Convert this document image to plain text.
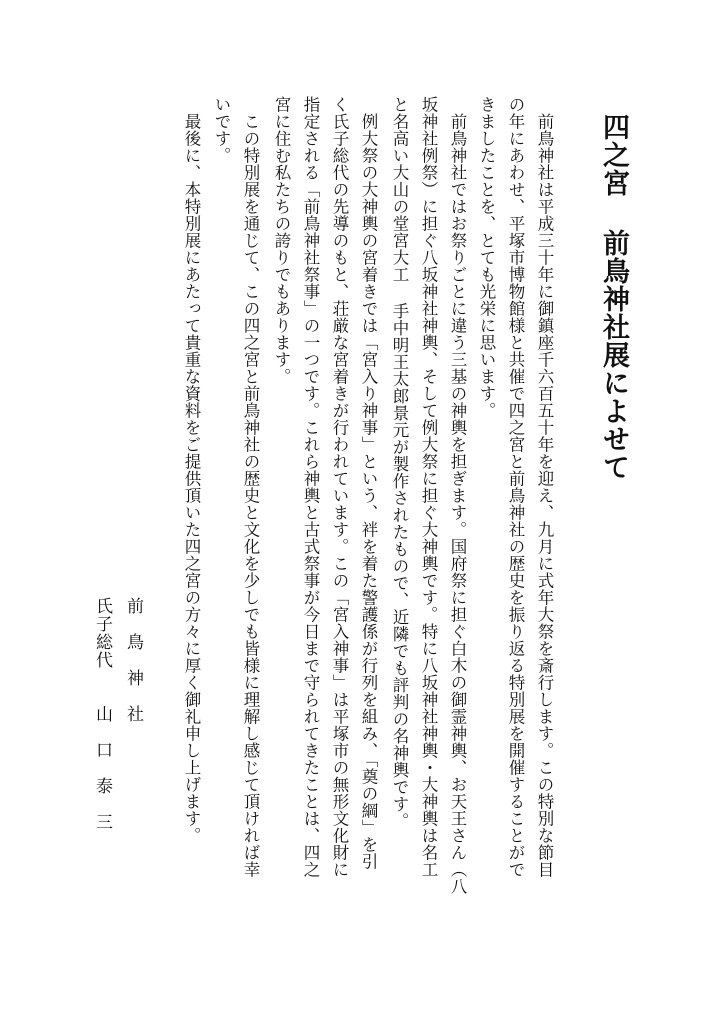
四之宮 前鳥神社展によせて
　前鳥神社は平成三十年に御鎮座千六百五十年を迎え、九月に式年大祭を斎行します。この特別な節目
の年にあわせ、平塚市博物館様と共催で四之宮と前鳥神社の歴史を振り返る特別展を開催することがで
きましたことを、とても光栄に思います。
　前鳥神社ではお祭りごとに違う三基の神輿を担ぎます。国府祭に担ぐ白木の御霊神輿、お天王さん（八
坂神社例祭）に担ぐ八坂神社神輿、そして例大祭に担ぐ大神輿です。特に八坂神社神輿・大神輿は名工
と名高い大山の堂宮大工 手中明王太郎景元が製作されたもので、近隣でも評判の名神輿です。
　例大祭の大神輿の宮着きでは「宮入り神事」という、袢を着た警護係が行列を組み、「奠の綱」を引
く氏子総代の先導のもと、荘厳な宮着きが行われています。この「宮入神事」は平塚市の無形文化財に
指定される「前鳥神社祭事」の一つです。これら神輿と古式祭事が今日まで守られてきたことは、四之
宮に住む私たちの誇りでもあります。
　この特別展を通じて、この四之宮と前鳥神社の歴史と文化を少しでも皆様に理解し感じて頂ければ幸
いです。
　最後に、本特別展にあたって貴重な資料をご提供頂いた四之宮の方々に厚く御礼申し上げます。
前　鳥　神　社
氏子総代　　山　口　泰　三
